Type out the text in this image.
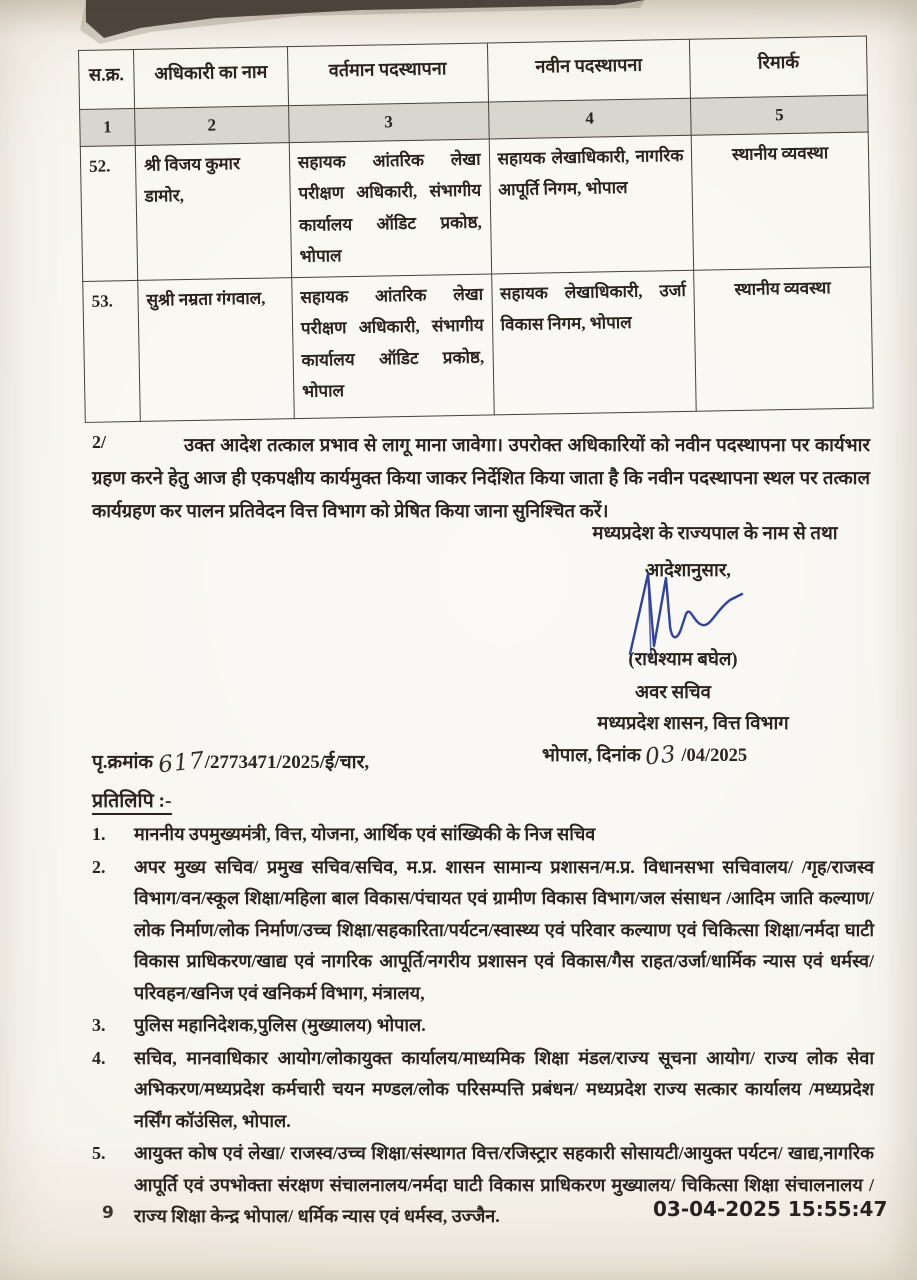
स.क्र.	अधिकारी का नाम	वर्तमान पदस्थापना	नवीन पदस्थापना	रिमार्क
1	2	3	4	5
52.	श्री विजय कुमार डामोर,	सहायक आंतरिक लेखा परीक्षण अधिकारी, संभागीय कार्यालय ऑडिट प्रकोष्ठ, भोपाल	सहायक लेखाधिकारी, नागरिक आपूर्ति निगम, भोपाल	स्थानीय व्यवस्था
53.	सुश्री नम्रता गंगवाल,	सहायक आंतरिक लेखा परीक्षण अधिकारी, संभागीय कार्यालय ऑडिट प्रकोष्ठ, भोपाल	सहायक लेखाधिकारी, उर्जा विकास निगम, भोपाल	स्थानीय व्यवस्था
2/	उक्त आदेश तत्काल प्रभाव से लागू माना जावेगा। उपरोक्त अधिकारियों को नवीन पदस्थापना पर कार्यभार ग्रहण करने हेतु आज ही एकपक्षीय कार्यमुक्त किया जाकर निर्देशित किया जाता है कि नवीन पदस्थापना स्थल पर तत्काल कार्यग्रहण कर पालन प्रतिवेदन वित्त विभाग को प्रेषित किया जाना सुनिश्चित करें।
मध्यप्रदेश के राज्यपाल के नाम से तथा
आदेशानुसार,
(राधेश्याम बघेल)
अवर सचिव
मध्यप्रदेश शासन, वित्त विभाग
भोपाल, दिनांक 03 /04/2025
पृ.क्रमांक 617/2773471/2025/ई/चार,
प्रतिलिपि :-
1.	माननीय उपमुख्यमंत्री, वित्त, योजना, आर्थिक एवं सांख्यिकी के निज सचिव
2.	अपर मुख्य सचिव/ प्रमुख सचिव/सचिव, म.प्र. शासन सामान्य प्रशासन/म.प्र. विधानसभा सचिवालय/ /गृह/राजस्व विभाग/वन/स्कूल शिक्षा/महिला बाल विकास/पंचायत एवं ग्रामीण विकास विभाग/जल संसाधन /आदिम जाति कल्याण/लोक निर्माण/लोक निर्माण/उच्च शिक्षा/सहकारिता/पर्यटन/स्वास्थ्य एवं परिवार कल्याण एवं चिकित्सा शिक्षा/नर्मदा घाटी विकास प्राधिकरण/खाद्य एवं नागरिक आपूर्ति/नगरीय प्रशासन एवं विकास/गैस राहत/उर्जा/धार्मिक न्यास एवं धर्मस्व/परिवहन/खनिज एवं खनिकर्म विभाग, मंत्रालय,
3.	पुलिस महानिदेशक,पुलिस (मुख्यालय) भोपाल.
4.	सचिव, मानवाधिकार आयोग/लोकायुक्त कार्यालय/माध्यमिक शिक्षा मंडल/राज्य सूचना आयोग/ राज्य लोक सेवा अभिकरण/मध्यप्रदेश कर्मचारी चयन मण्डल/लोक परिसम्पत्ति प्रबंधन/ मध्यप्रदेश राज्य सत्कार कार्यालय /मध्यप्रदेश नर्सिंग कॉउंसिल, भोपाल.
5.	आयुक्त कोष एवं लेखा/ राजस्व/उच्च शिक्षा/संस्थागत वित्त/रजिस्ट्रार सहकारी सोसायटी/आयुक्त पर्यटन/ खाद्य,नागरिक आपूर्ति एवं उपभोक्ता संरक्षण संचालनालय/नर्मदा घाटी विकास प्राधिकरण मुख्यालय/ चिकित्सा शिक्षा संचालनालय / राज्य शिक्षा केन्द्र भोपाल/ धर्मिक न्यास एवं धर्मस्व, उज्जैन.
9	03-04-2025 15:55:47
